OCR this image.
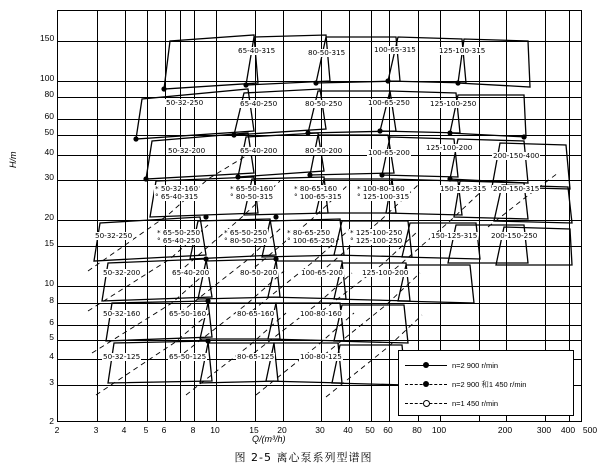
H/m
Q/(m³/h)
150
100
80
60
50
40
30
20
15
10
8
6
5
4
3
2
2	3	4 5 6	8 10	15 20	30 40 50 60 80 100	200	300 400 500
65-40-315	80-50-315	100-65-315	125-100-315
50-32-250	65-40-250	80-50-250	100-65-250	125-100-250
50-32-200	65-40-200	80-50-200	100-65-200
125-100-200
200-150-400
150-125-315 200-150-315
50-32-250	150-125-315 200-150-250
50-32-200	65-40-200	80-50-200	100-65-200	125-100-200
50-32-160	65-50-160	80-65-160	100-80-160
50-32-125	65-50-125	80-65-125	100-80-125
* 50-32-160
° 65-40-315
* 65-50-160
° 80-50-315
* 80-65-160
° 100-65-315
* 100-80-160
° 125-100-315
* 65-50-250
° 65-40-250
* 65-50-250
° 80-50-250
* 80-65-250
° 100-65-250
* 125-100-250
° 125-100-250
n=2 900 r/min
n=2 900 和1 450 r/min
n=1 450 r/min
图 2-5 离心泵系列型谱图
